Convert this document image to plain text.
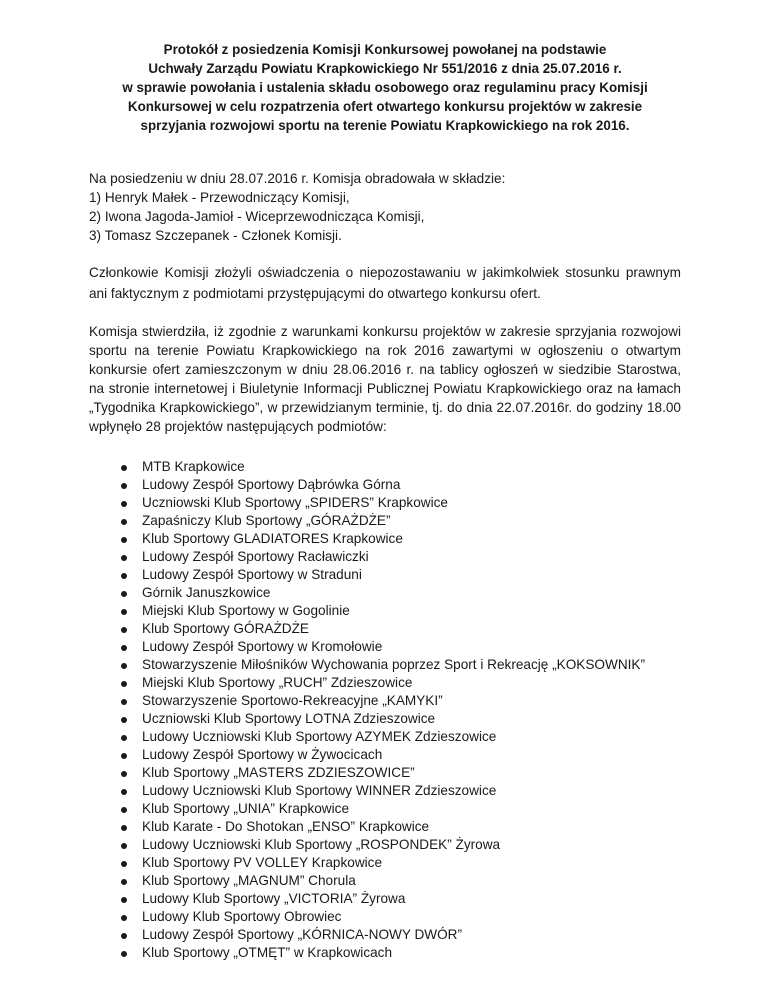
Protokół z posiedzenia Komisji Konkursowej powołanej na podstawie
Uchwały Zarządu Powiatu Krapkowickiego Nr 551/2016 z dnia 25.07.2016 r.
w sprawie powołania i ustalenia składu osobowego oraz regulaminu pracy Komisji
Konkursowej w celu rozpatrzenia ofert otwartego konkursu projektów w zakresie
sprzyjania rozwojowi sportu na terenie Powiatu Krapkowickiego na rok 2016.
Na posiedzeniu w dniu 28.07.2016 r. Komisja obradowała w składzie:
1) Henryk Małek - Przewodniczący Komisji,
2) Iwona Jagoda-Jamioł - Wiceprzewodnicząca Komisji,
3) Tomasz Szczepanek - Członek Komisji.

Członkowie Komisji złożyli oświadczenia o niepozostawaniu w jakimkolwiek stosunku prawnym ani faktycznym z podmiotami przystępującymi do otwartego konkursu ofert.

Komisja stwierdziła, iż zgodnie z warunkami konkursu projektów w zakresie sprzyjania rozwojowi sportu na terenie Powiatu Krapkowickiego na rok 2016 zawartymi w ogłoszeniu o otwartym konkursie ofert zamieszczonym w dniu 28.06.2016 r. na tablicy ogłoszeń w siedzibie Starostwa, na stronie internetowej i Biuletynie Informacji Publicznej Powiatu Krapkowickiego oraz na łamach „Tygodnika Krapkowickiego”, w przewidzianym terminie, tj. do dnia 22.07.2016r. do godziny 18.00 wpłynęło 28 projektów następujących podmiotów:

MTB Krapkowice
Ludowy Zespół Sportowy Dąbrówka Górna
Uczniowski Klub Sportowy „SPIDERS” Krapkowice
Zapaśniczy Klub Sportowy „GÓRAŻDŻE”
Klub Sportowy GLADIATORES Krapkowice
Ludowy Zespół Sportowy Racławiczki
Ludowy Zespół Sportowy w Straduni
Górnik Januszkowice
Miejski Klub Sportowy w Gogolinie
Klub Sportowy GÓRAŻDŻE
Ludowy Zespół Sportowy w Kromołowie
Stowarzyszenie Miłośników Wychowania poprzez Sport i Rekreację „KOKSOWNIK”
Miejski Klub Sportowy „RUCH” Zdzieszowice
Stowarzyszenie Sportowo-Rekreacyjne „KAMYKI”
Uczniowski Klub Sportowy LOTNA Zdzieszowice
Ludowy Uczniowski Klub Sportowy AZYMEK Zdzieszowice
Ludowy Zespół Sportowy w Żywocicach
Klub Sportowy „MASTERS ZDZIESZOWICE”
Ludowy Uczniowski Klub Sportowy WINNER Zdzieszowice
Klub Sportowy „UNIA” Krapkowice
Klub Karate - Do Shotokan „ENSO” Krapkowice
Ludowy Uczniowski Klub Sportowy „ROSPONDEK” Żyrowa
Klub Sportowy PV VOLLEY Krapkowice
Klub Sportowy „MAGNUM” Chorula
Ludowy Klub Sportowy „VICTORIA” Żyrowa
Ludowy Klub Sportowy Obrowiec
Ludowy Zespół Sportowy „KÓRNICA-NOWY DWÓR”
Klub Sportowy „OTMĘT” w Krapkowicach
